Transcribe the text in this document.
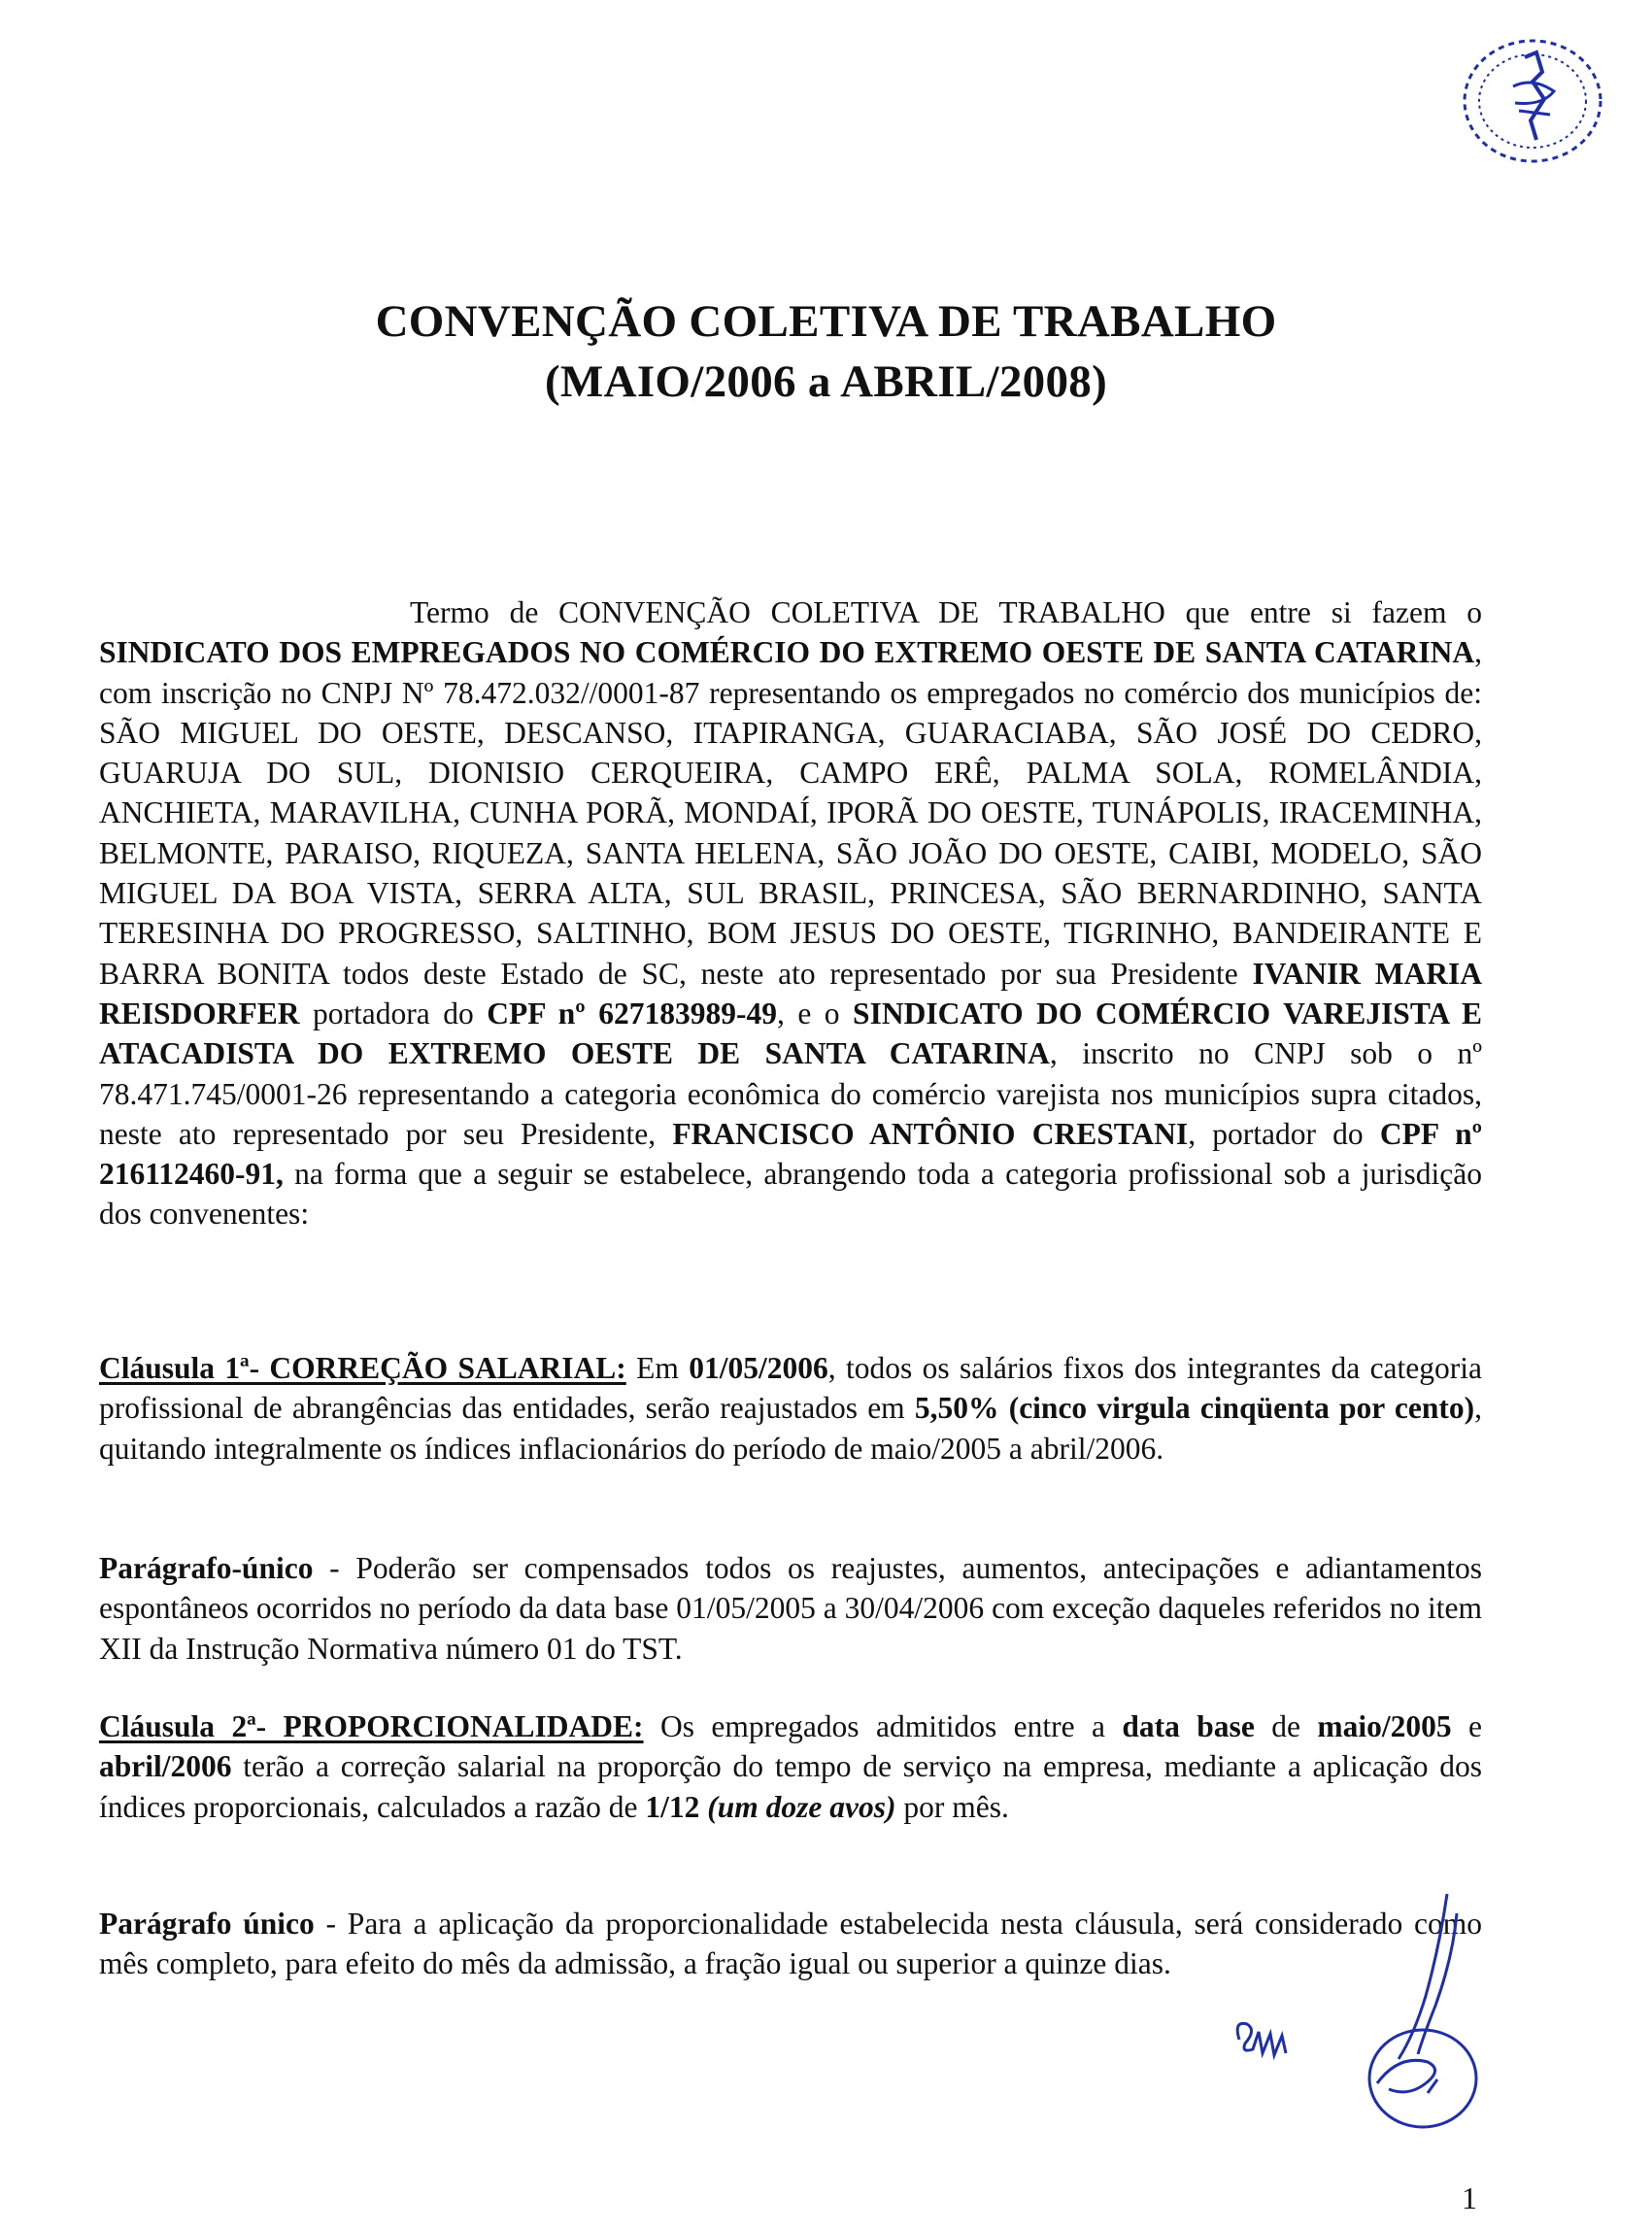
CONVENÇÃO COLETIVA DE TRABALHO
(MAIO/2006 a ABRIL/2008)

Termo de CONVENÇÃO COLETIVA DE TRABALHO que entre si fazem o SINDICATO DOS EMPREGADOS NO COMÉRCIO DO EXTREMO OESTE DE SANTA CATARINA, com inscrição no CNPJ Nº 78.472.032//0001-87 representando os empregados no comércio dos municípios de: SÃO MIGUEL DO OESTE, DESCANSO, ITAPIRANGA, GUARACIABA, SÃO JOSÉ DO CEDRO, GUARUJA DO SUL, DIONISIO CERQUEIRA, CAMPO ERÊ, PALMA SOLA, ROMELÂNDIA, ANCHIETA, MARAVILHA, CUNHA PORÃ, MONDAÍ, IPORÃ DO OESTE, TUNÁPOLIS, IRACEMINHA, BELMONTE, PARAISO, RIQUEZA, SANTA HELENA, SÃO JOÃO DO OESTE, CAIBI, MODELO, SÃO MIGUEL DA BOA VISTA, SERRA ALTA, SUL BRASIL, PRINCESA, SÃO BERNARDINHO, SANTA TERESINHA DO PROGRESSO, SALTINHO, BOM JESUS DO OESTE, TIGRINHO, BANDEIRANTE E BARRA BONITA todos deste Estado de SC, neste ato representado por sua Presidente IVANIR MARIA REISDORFER portadora do CPF nº 627183989-49, e o SINDICATO DO COMÉRCIO VAREJISTA E ATACADISTA DO EXTREMO OESTE DE SANTA CATARINA, inscrito no CNPJ sob o nº 78.471.745/0001-26 representando a categoria econômica do comércio varejista nos municípios supra citados, neste ato representado por seu Presidente, FRANCISCO ANTÔNIO CRESTANI, portador do CPF nº 216112460-91, na forma que a seguir se estabelece, abrangendo toda a categoria profissional sob a jurisdição dos convenentes:

Cláusula 1ª- CORREÇÃO SALARIAL: Em 01/05/2006, todos os salários fixos dos integrantes da categoria profissional de abrangências das entidades, serão reajustados em 5,50% (cinco virgula cinqüenta por cento), quitando integralmente os índices inflacionários do período de maio/2005 a abril/2006.

Parágrafo-único - Poderão ser compensados todos os reajustes, aumentos, antecipações e adiantamentos espontâneos ocorridos no período da data base 01/05/2005 a 30/04/2006 com exceção daqueles referidos no item XII da Instrução Normativa número 01 do TST.

Cláusula 2ª- PROPORCIONALIDADE: Os empregados admitidos entre a data base de maio/2005 e abril/2006 terão a correção salarial na proporção do tempo de serviço na empresa, mediante a aplicação dos índices proporcionais, calculados a razão de 1/12 (um doze avos) por mês.

Parágrafo único - Para a aplicação da proporcionalidade estabelecida nesta cláusula, será considerado como mês completo, para efeito do mês da admissão, a fração igual ou superior a quinze dias.

1
